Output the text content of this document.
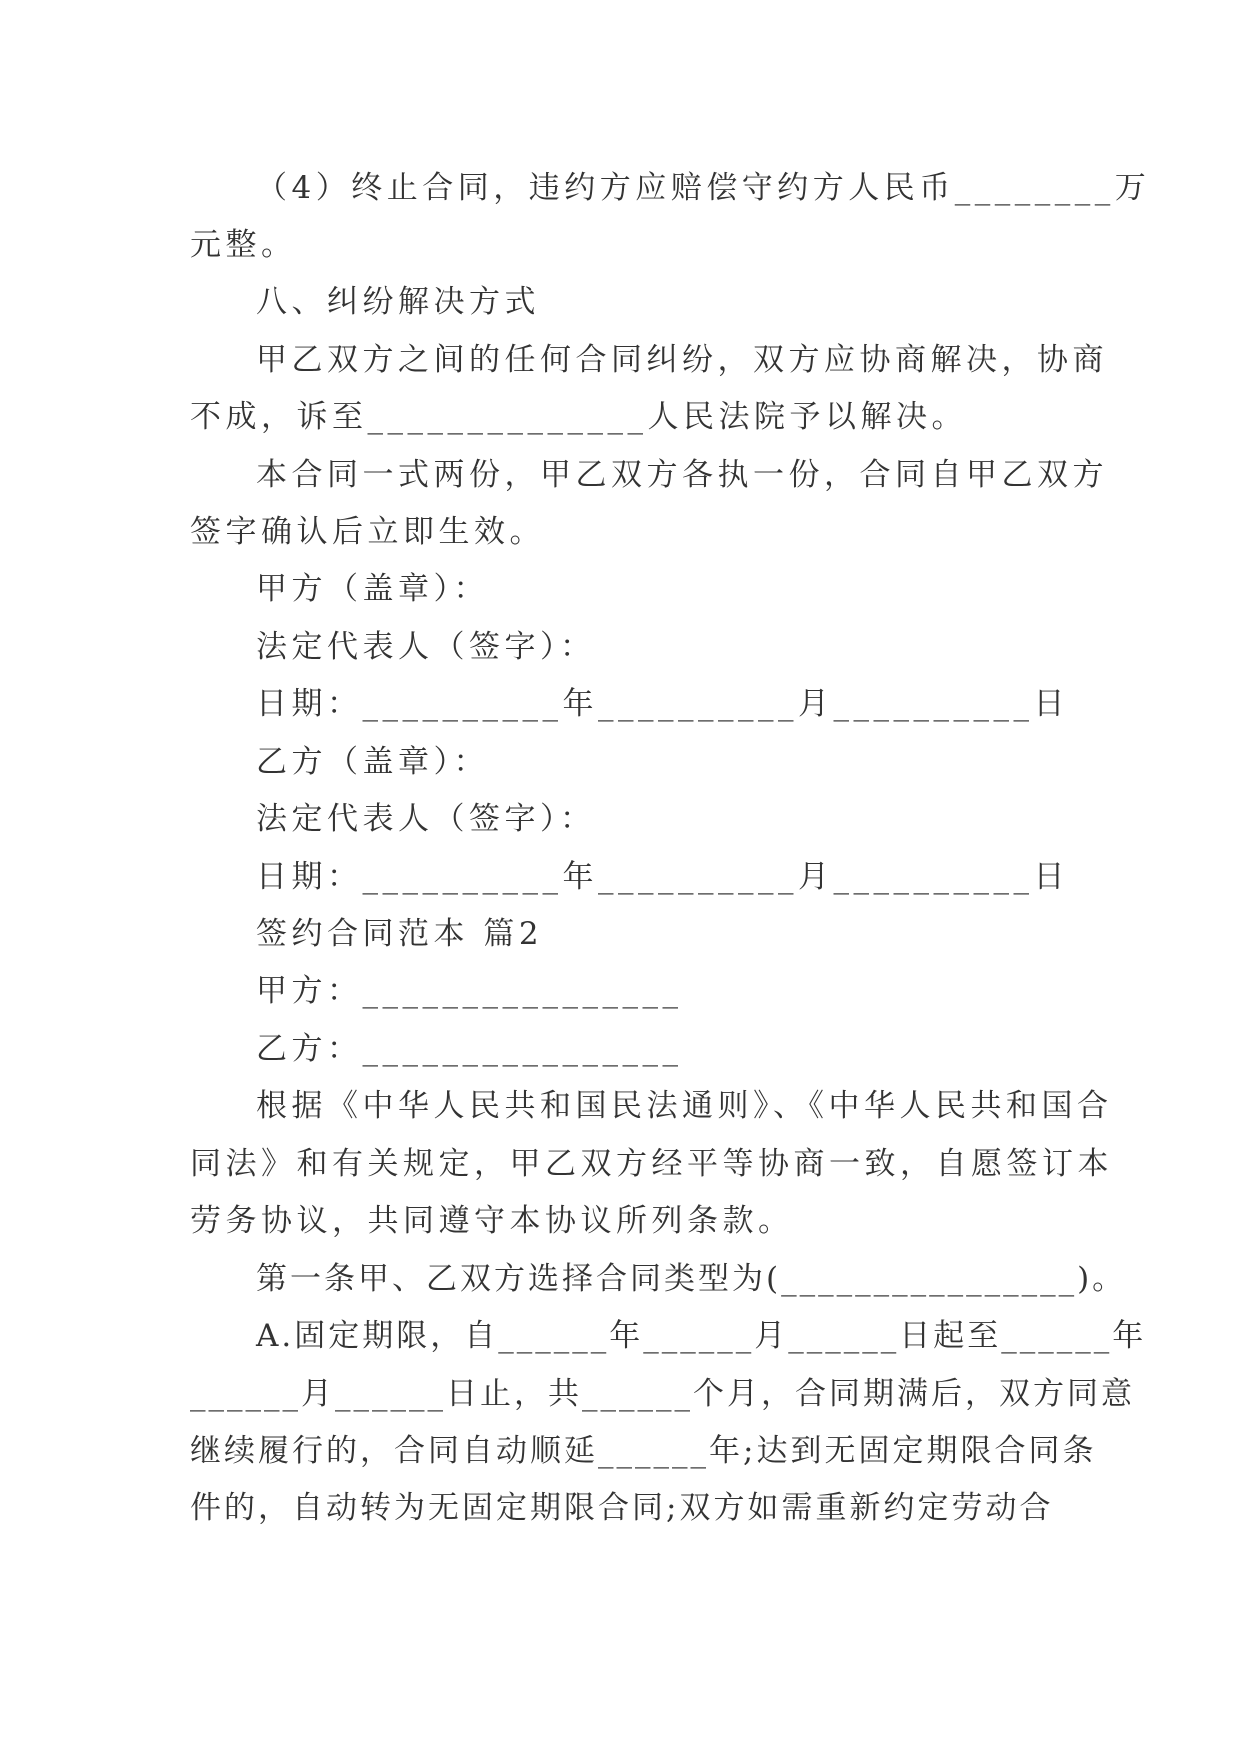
（4）终止合同，违约方应赔偿守约方人民币________万
元整。
八、纠纷解决方式
甲乙双方之间的任何合同纠纷，双方应协商解决，协商
不成，诉至______________人民法院予以解决。
本合同一式两份，甲乙双方各执一份，合同自甲乙双方
签字确认后立即生效。
甲方（盖章）：
法定代表人（签字）：
日期：__________年__________月__________日
乙方（盖章）：
法定代表人（签字）：
日期：__________年__________月__________日
签约合同范本 篇2
甲方：________________
乙方：________________
根据《中华人民共和国民法通则》、《中华人民共和国合
同法》和有关规定，甲乙双方经平等协商一致，自愿签订本
劳务协议，共同遵守本协议所列条款。
第一条甲、乙双方选择合同类型为(________________)。
A.固定期限，自______年______月______日起至______年
______月______日止，共______个月，合同期满后，双方同意
继续履行的，合同自动顺延______年;达到无固定期限合同条
件的，自动转为无固定期限合同;双方如需重新约定劳动合
